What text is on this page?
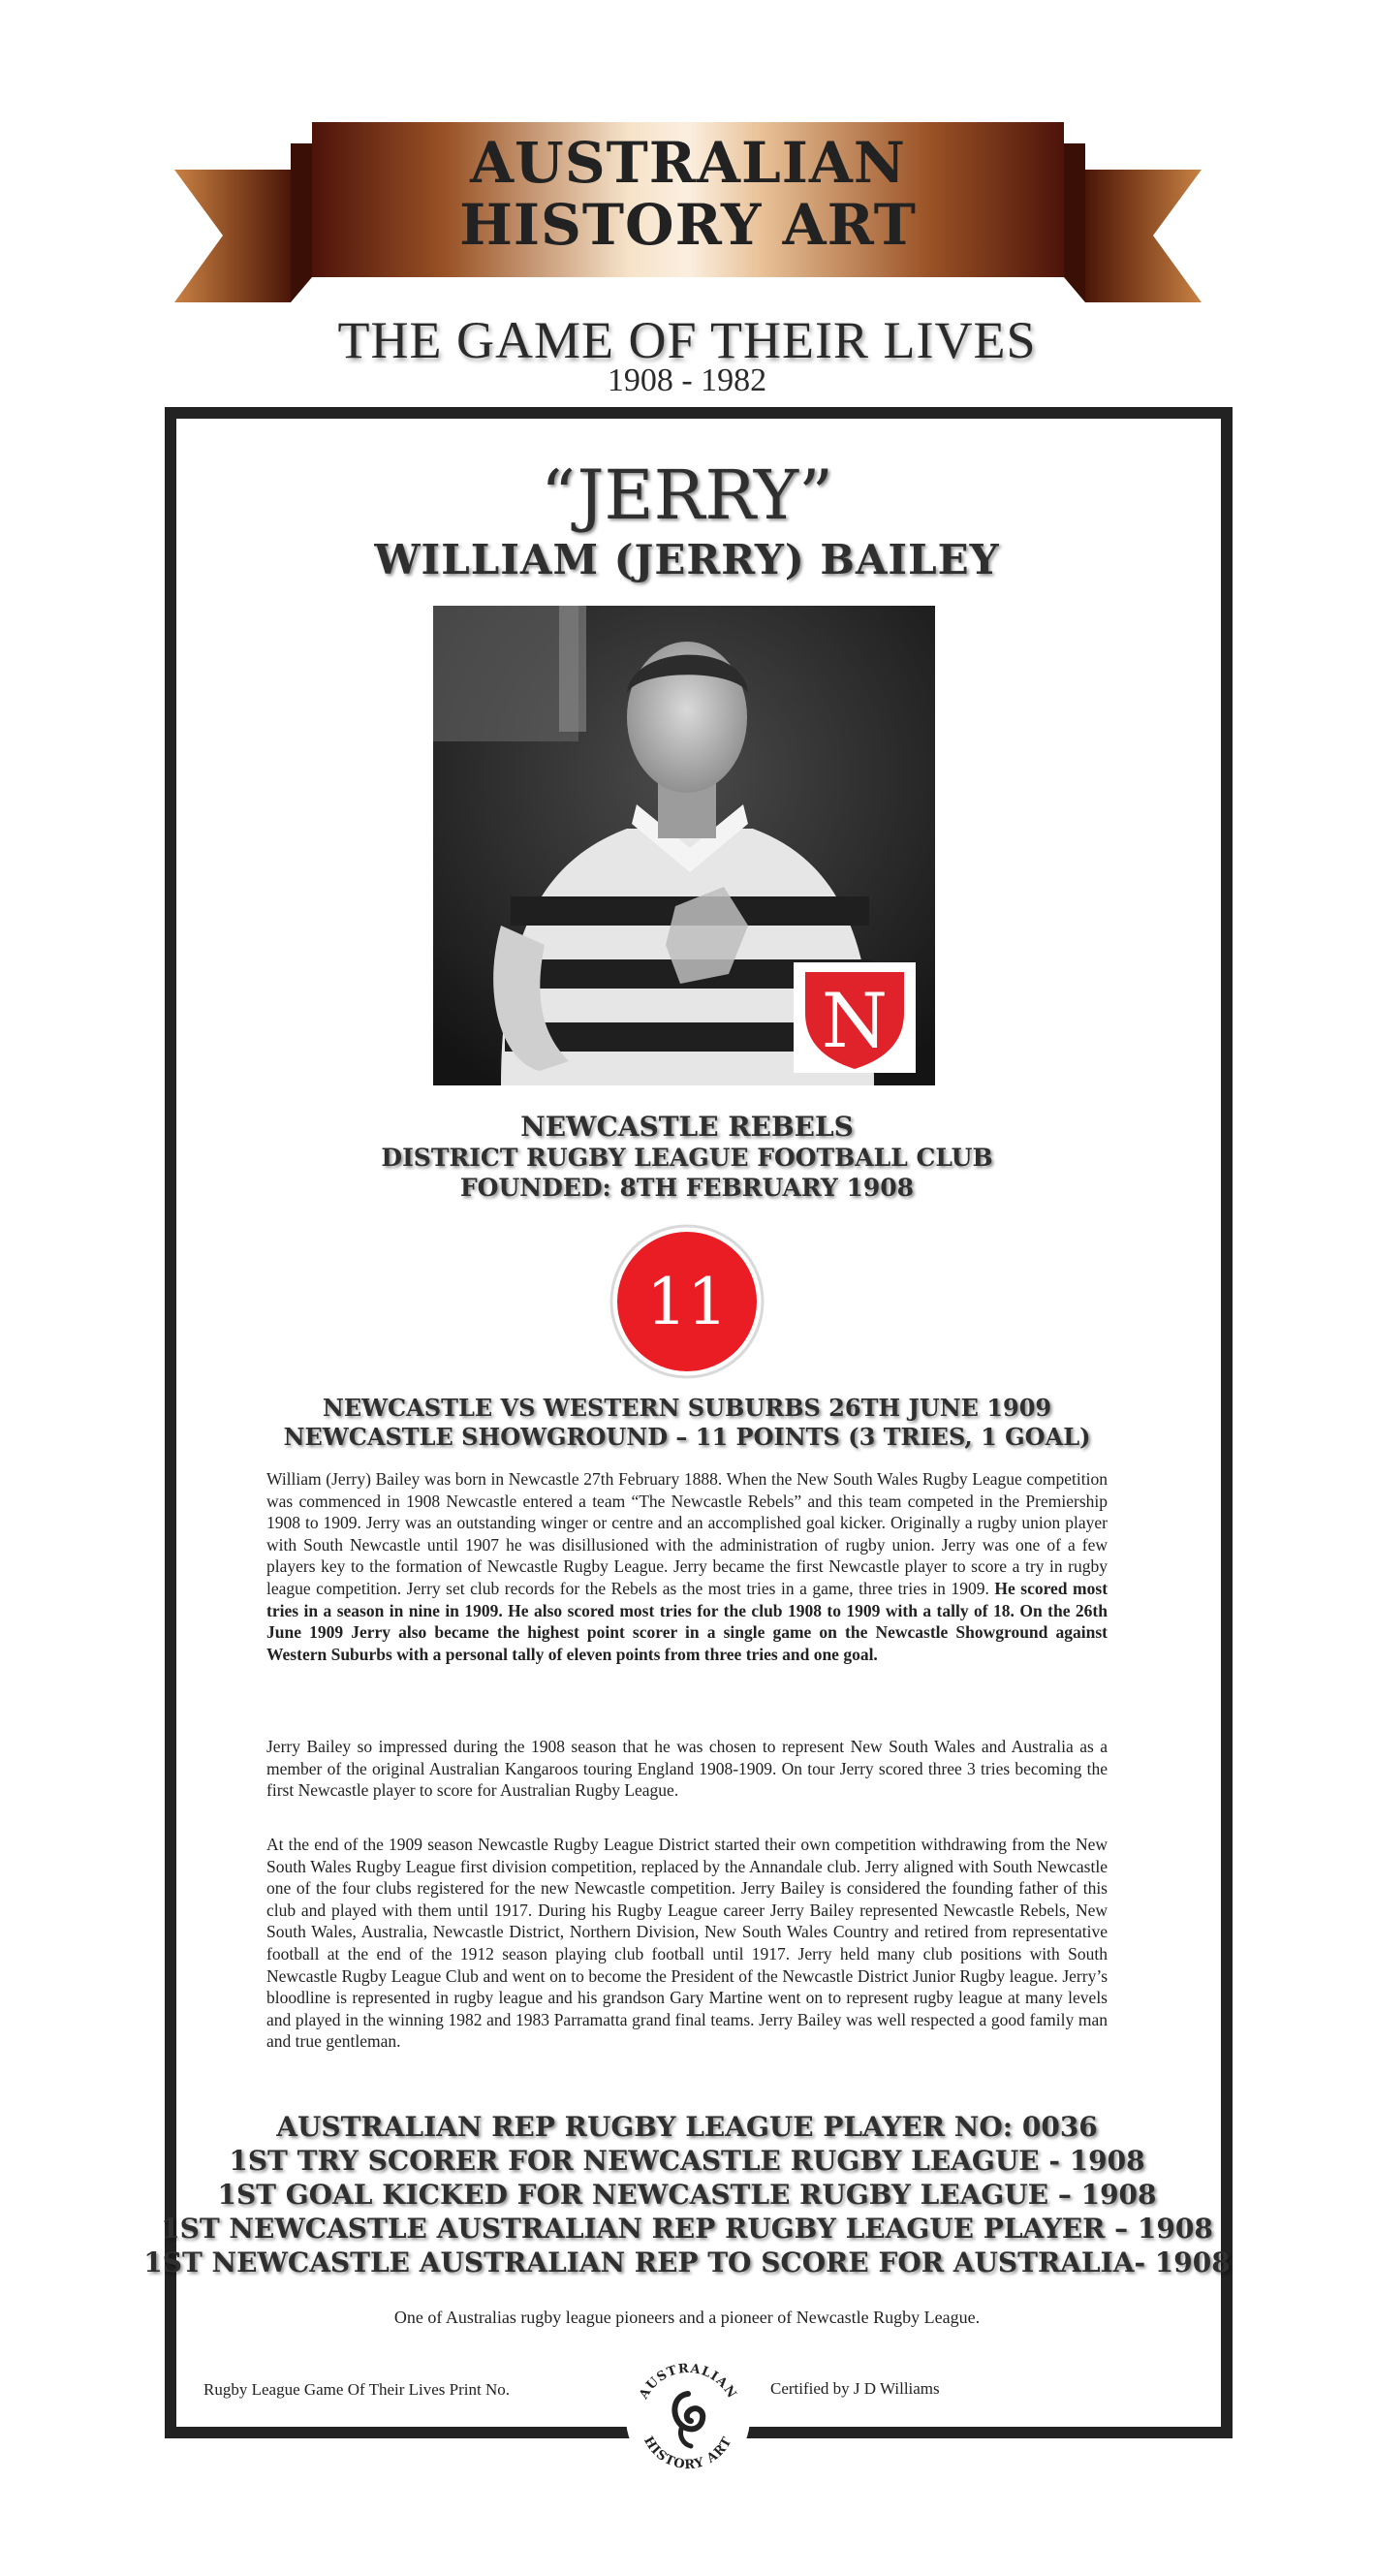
AUSTRALIAN
HISTORY ART
THE GAME OF THEIR LIVES
1908 - 1982
“JERRY”
WILLIAM (JERRY) BAILEY
N
NEWCASTLE REBELS
DISTRICT RUGBY LEAGUE FOOTBALL CLUB
FOUNDED: 8TH FEBRUARY 1908
11
NEWCASTLE VS WESTERN SUBURBS 26TH JUNE 1909
NEWCASTLE SHOWGROUND – 11 POINTS (3 TRIES, 1 GOAL)
William (Jerry) Bailey was born in Newcastle 27th February 1888. When the New South Wales Rugby League competition was commenced in 1908 Newcastle entered a team “The Newcastle Rebels” and this team competed in the Premiership 1908 to 1909. Jerry was an outstanding winger or centre and an accomplished goal kicker. Originally a rugby union player with South Newcastle until 1907 he was disillusioned with the administration of rugby union. Jerry was one of a few players key to the formation of Newcastle Rugby League. Jerry became the first Newcastle player to score a try in rugby league competition. Jerry set club records for the Rebels as the most tries in a game, three tries in 1909. He scored most tries in a season in nine in 1909. He also scored most tries for the club 1908 to 1909 with a tally of 18. On the 26th June 1909 Jerry also became the highest point scorer in a single game on the Newcastle Showground against Western Suburbs with a personal tally of eleven points from three tries and one goal.
Jerry Bailey so impressed during the 1908 season that he was chosen to represent New South Wales and Australia as a member of the original Australian Kangaroos touring England 1908-1909. On tour Jerry scored three 3 tries becoming the first Newcastle player to score for Australian Rugby League.
At the end of the 1909 season Newcastle Rugby League District started their own competition withdrawing from the New South Wales Rugby League first division competition, replaced by the Annandale club. Jerry aligned with South Newcastle one of the four clubs registered for the new Newcastle competition. Jerry Bailey is considered the founding father of this club and played with them until 1917. During his Rugby League career Jerry Bailey represented Newcastle Rebels, New South Wales, Australia, Newcastle District, Northern Division, New South Wales Country and retired from representative football at the end of the 1912 season playing club football until 1917. Jerry held many club positions with South Newcastle Rugby League Club and went on to become the President of the Newcastle District Junior Rugby league. Jerry’s bloodline is represented in rugby league and his grandson Gary Martine went on to represent rugby league at many levels and played in the winning 1982 and 1983 Parramatta grand final teams. Jerry Bailey was well respected a good family man and true gentleman.
AUSTRALIAN REP RUGBY LEAGUE PLAYER NO: 0036
1ST TRY SCORER FOR NEWCASTLE RUGBY LEAGUE - 1908
1ST GOAL KICKED FOR NEWCASTLE RUGBY LEAGUE – 1908
1ST NEWCASTLE AUSTRALIAN REP RUGBY LEAGUE PLAYER – 1908
1ST NEWCASTLE AUSTRALIAN REP TO SCORE FOR AUSTRALIA- 1908
One of Australias rugby league pioneers and a pioneer of Newcastle Rugby League.
Rugby League Game Of Their Lives Print No.	Certified by J D Williams
AUSTRALIAN
HISTORY ART
